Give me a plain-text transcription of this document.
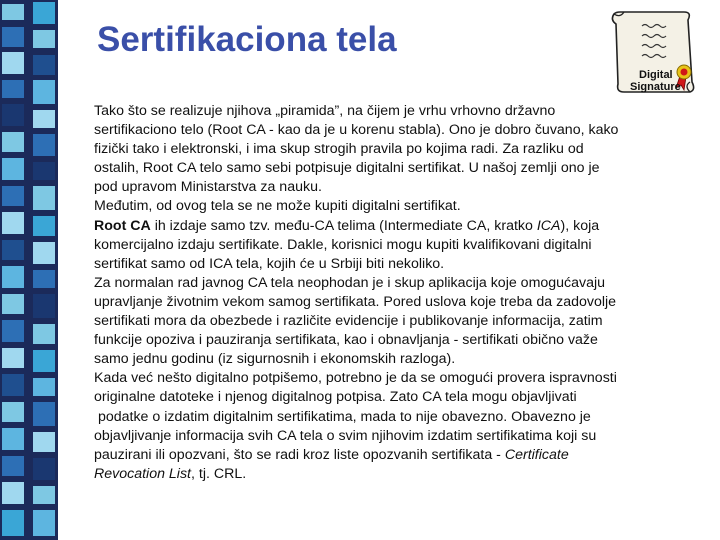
Sertifikaciona tela
Digital
Signature

Tako što se realizuje njihova „piramida”, na čijem je vrhu vrhovno državno
sertifikaciono telo (Root CA - kao da je u korenu stabla). Ono je dobro čuvano, kako
fizički tako i elektronski, i ima skup strogih pravila po kojima radi. Za razliku od
ostalih, Root CA telo samo sebi potpisuje digitalni sertifikat. U našoj zemlji ono je
pod upravom Ministarstva za nauku.

Međutim, od ovog tela se ne može kupiti digitalni sertifikat.

Root CA ih izdaje samo tzv. među-CA telima (Intermediate CA, kratko ICA), koja
komercijalno izdaju sertifikate. Dakle, korisnici mogu kupiti kvalifikovani digitalni
sertifikat samo od ICA tela, kojih će u Srbiji biti nekoliko.

Za normalan rad javnog CA tela neophodan je i skup aplikacija koje omogućavaju
upravljanje životnim vekom samog sertifikata. Pored uslova koje treba da zadovolje
sertifikati mora da obezbede i različite evidencije i publikovanje informacija, zatim
funkcije opoziva i pauziranja sertifikata, kao i obnavljanja - sertifikati obično važe
samo jednu godinu (iz sigurnosnih i ekonomskih razloga).

Kada već nešto digitalno potpišemo, potrebno je da se omogući provera ispravnosti
originalne datoteke i njenog digitalnog potpisa. Zato CA tela mogu objavljivati
podatke o izdatim digitalnim sertifikatima, mada to nije obavezno. Obavezno je
objavljivanje informacija svih CA tela o svim njihovim izdatim sertifikatima koji su
pauzirani ili opozvani, što se radi kroz liste opozvanih sertifikata - Certificate
Revocation List, tj. CRL.
